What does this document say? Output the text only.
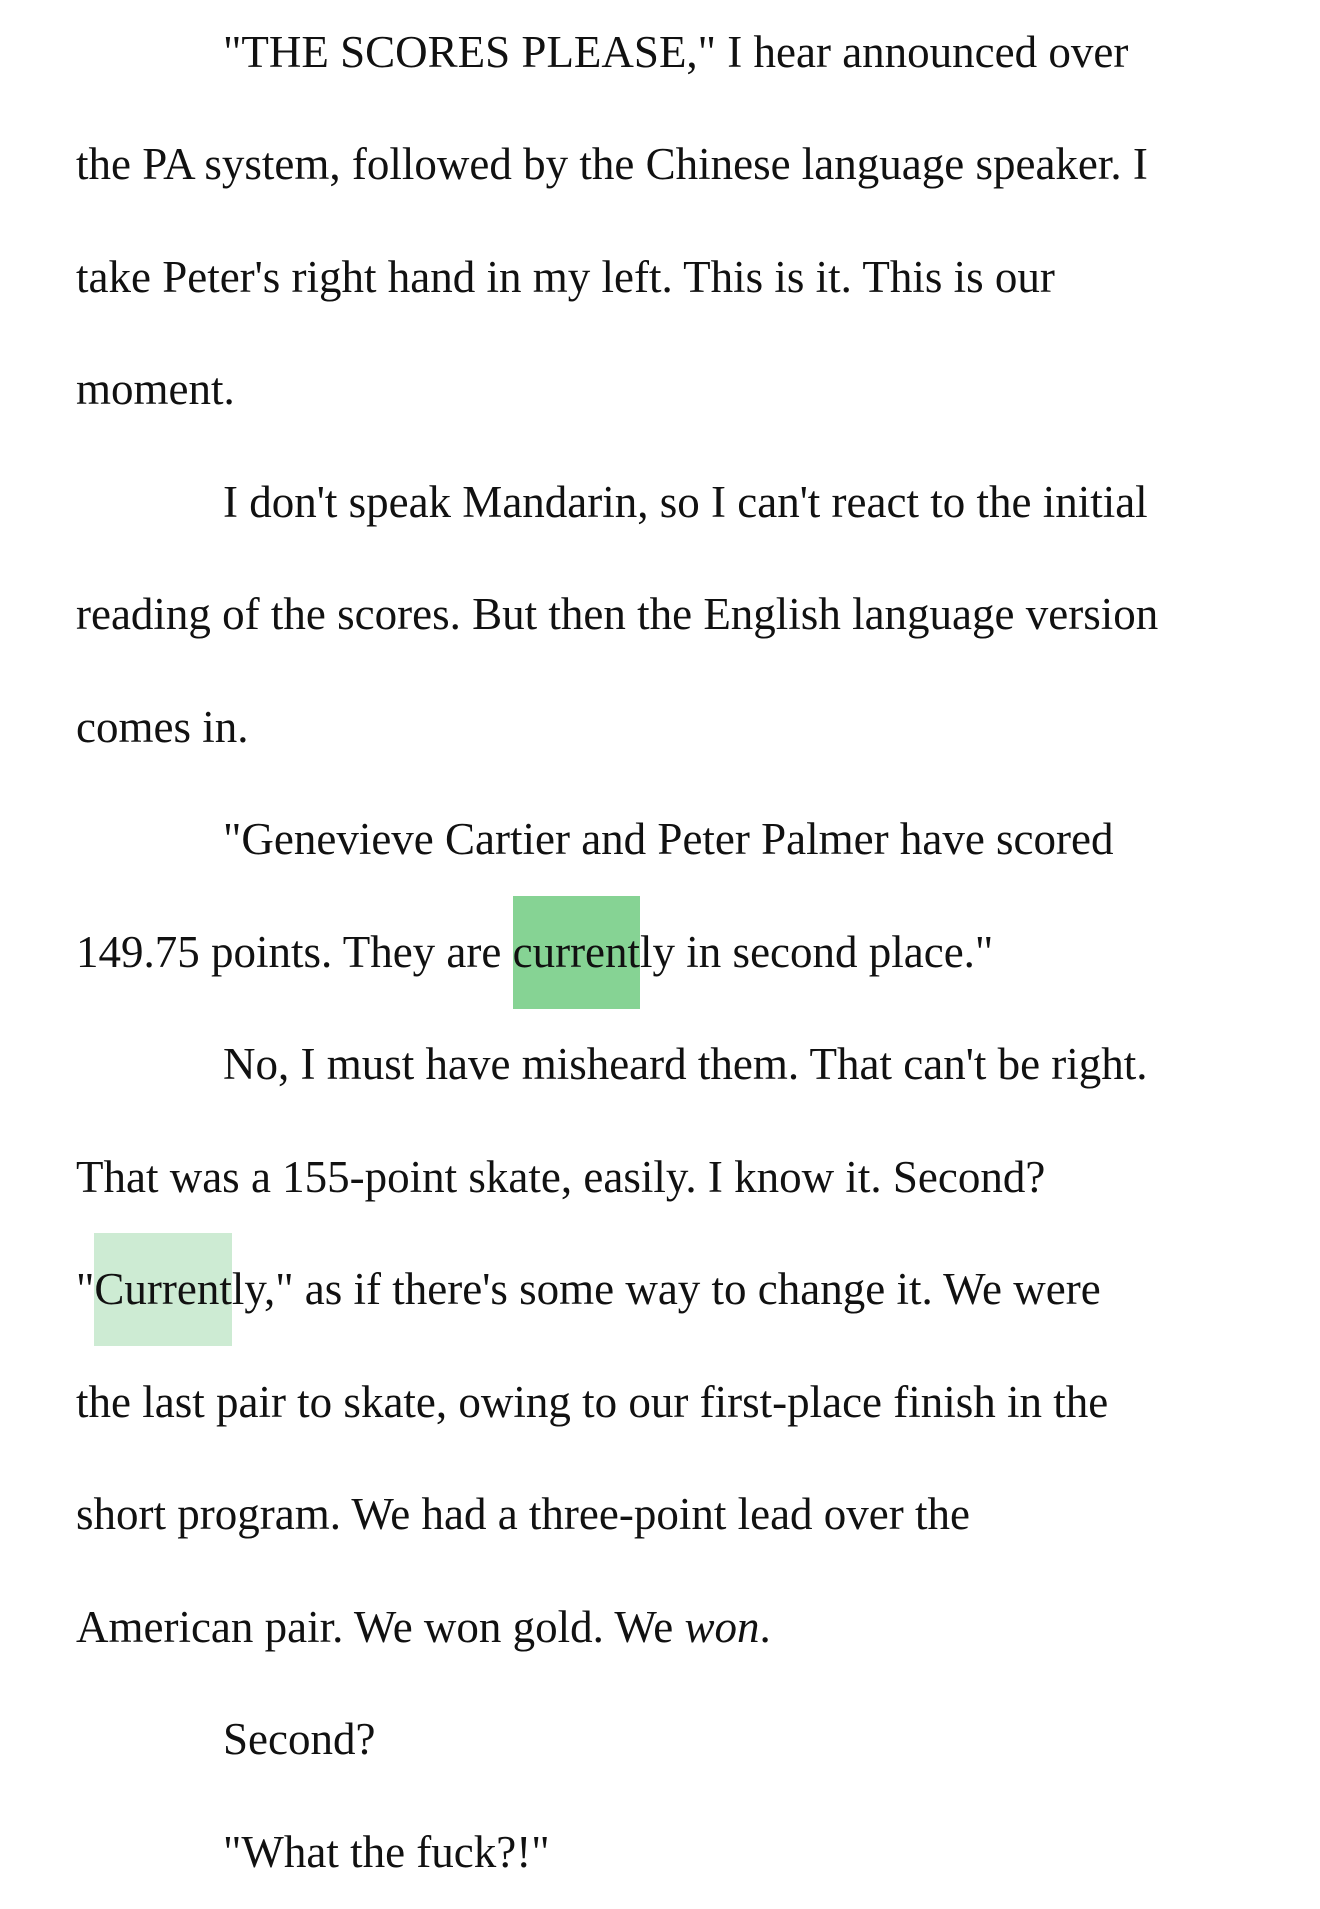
"THE SCORES PLEASE," I hear announced over
the PA system, followed by the Chinese language speaker. I
take Peter's right hand in my left. This is it. This is our
moment.
I don't speak Mandarin, so I can't react to the initial
reading of the scores. But then the English language version
comes in.
"Genevieve Cartier and Peter Palmer have scored
149.75 points. They are currently in second place."
No, I must have misheard them. That can't be right.
That was a 155-point skate, easily. I know it. Second?
"Currently," as if there's some way to change it. We were
the last pair to skate, owing to our first-place finish in the
short program. We had a three-point lead over the
American pair. We won gold. We won.
Second?
"What the fuck?!"
